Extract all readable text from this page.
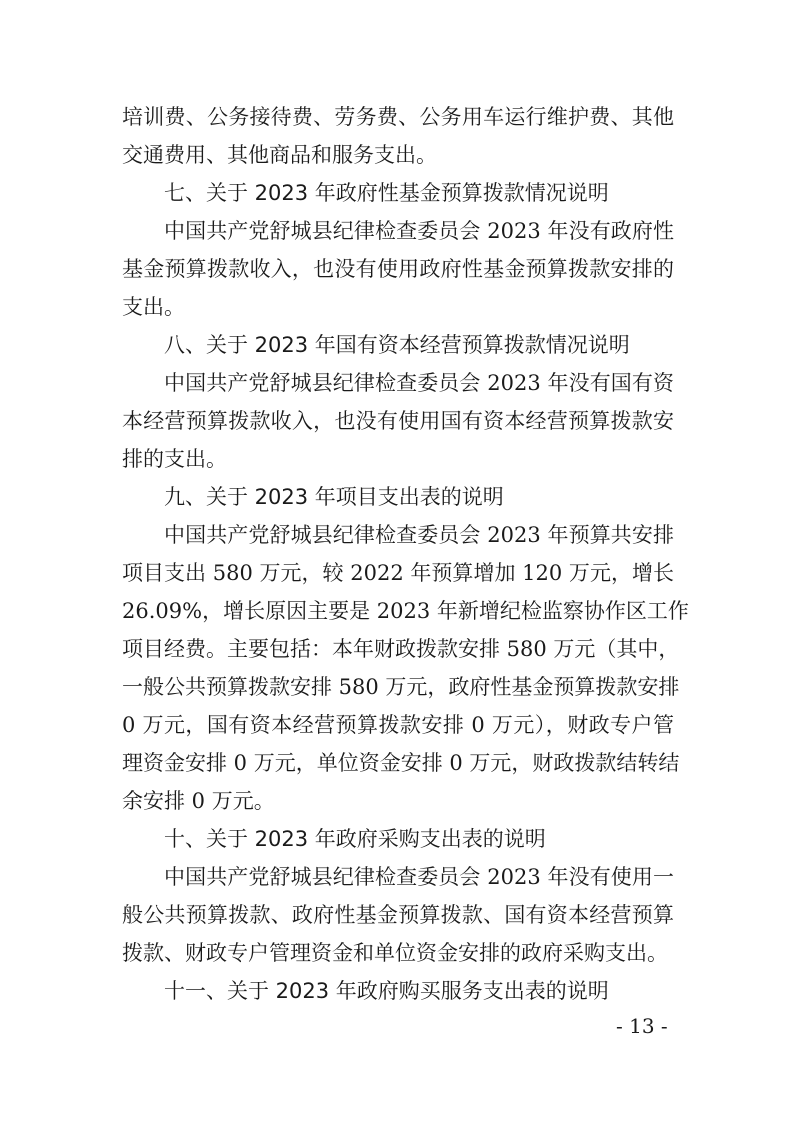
培训费、公务接待费、劳务费、公务用车运行维护费、其他
交通费用、其他商品和服务支出。
七、关于 2023 年政府性基金预算拨款情况说明
中国共产党舒城县纪律检查委员会 2023 年没有政府性
基金预算拨款收入，也没有使用政府性基金预算拨款安排的
支出。
八、关于 2023 年国有资本经营预算拨款情况说明
中国共产党舒城县纪律检查委员会 2023 年没有国有资
本经营预算拨款收入，也没有使用国有资本经营预算拨款安
排的支出。
九、关于 2023 年项目支出表的说明
中国共产党舒城县纪律检查委员会 2023 年预算共安排
项目支出 580 万元，较 2022 年预算增加 120 万元，增长
26.09%，增长原因主要是 2023 年新增纪检监察协作区工作
项目经费。主要包括：本年财政拨款安排 580 万元（其中，
一般公共预算拨款安排 580 万元，政府性基金预算拨款安排
0 万元，国有资本经营预算拨款安排 0 万元），财政专户管
理资金安排 0 万元，单位资金安排 0 万元，财政拨款结转结
余安排 0 万元。
十、关于 2023 年政府采购支出表的说明
中国共产党舒城县纪律检查委员会 2023 年没有使用一
般公共预算拨款、政府性基金预算拨款、国有资本经营预算
拨款、财政专户管理资金和单位资金安排的政府采购支出。
十一、关于 2023 年政府购买服务支出表的说明
- 13 -
